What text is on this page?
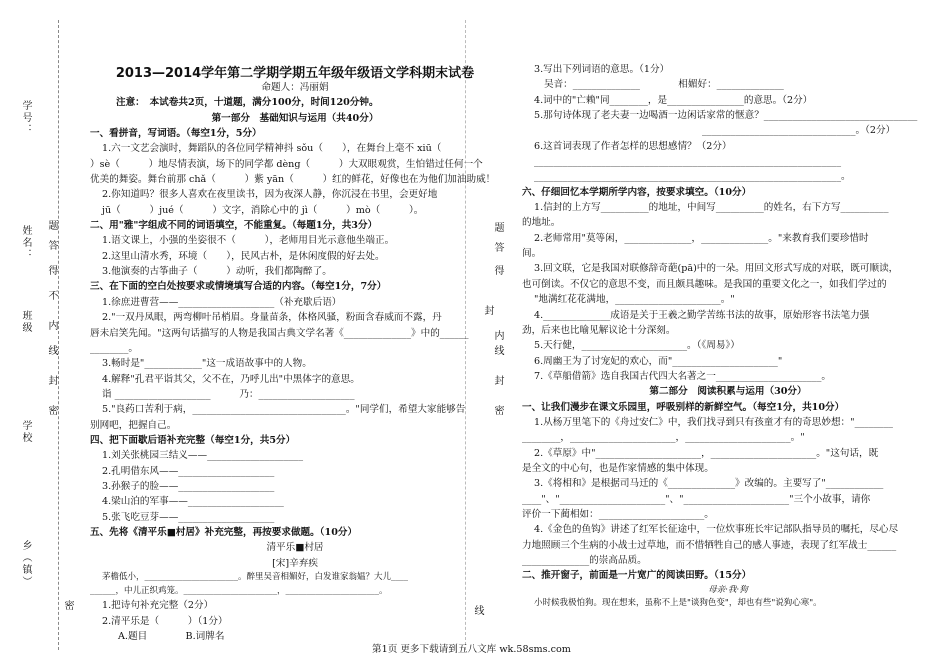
学号：
姓名：
班级
学校
乡（镇）
题
答
得
不
内
线
封
密
题
答
得
封
内
线
封
密
密	线
2013—2014学年第二学期学期五年级年级语文学科期末试卷
命题人：冯丽娟
注意：　本试卷共2页，十道题，满分100分，时间120分钟。
第一部分　基础知识与运用（共40分）
一、看拼音，写词语。（每空1分，5分）
1.六一文艺会演时，舞蹈队的各位同学精神抖 sǒu（　　），在舞台上毫不 xiū（
）sè（　　　）地尽情表演，场下的同学都 dèng（　　　）大双眼观赏，生怕错过任何一个
优美的舞姿。舞台前那 chǎ（　　　）紫 yān（　　　）红的鲜花，好像也在为他们加油助威！
2.你知道吗？很多人喜欢在夜里读书，因为夜深人静，你沉浸在书里，会更好地
jū（　　　）jué（　　　）文字，消除心中的 jì（　　　）mò（　　　）。
二、用"雅"字组成不同的词语填空，不能重复。（每题1分，共3分）
1.语文课上，小强的坐姿很不（　　　），老师用目光示意他坐端正。
2.这里山清水秀，环境（　　），民风古朴，是休闲度假的好去处。
3.他演奏的古筝曲子（　　　）动听，我们都陶醉了。
三、在下面的空白处按要求或情境填写合适的内容。（每空1分，7分）
1.徐庶进曹营——____________________（补充歇后语）
2."一双丹凤眼，两弯柳叶吊梢眉。身量苗条，体格风骚，粉面含春威而不露，丹
唇未启笑先闻。"这两句话描写的人物是我国古典文学名著《______________》中的______
________。
3.畅时是"____________"这一成语故事中的人物。
4.解释"孔君平诣其父，父不在，乃呼儿出"中黑体字的意思。
诣 ____________________　　　乃：____________________
5."良药口苦利于病，________________________________。"同学们，希望大家能够告
别网吧，把握自己。
四、把下面歇后语补充完整（每空1分，共5分）
1.刘关张桃园三结义——____________________
2.孔明借东风——____________________
3.孙猴子的脸——____________________
4.梁山泊的军事——____________________
5.张飞吃豆芽——____________________
五、先将《清平乐■村居》补充完整，再按要求做题。（10分）
清平乐■村居
[宋]辛弃疾
茅檐低小，______________________。醉里吴音相媚好，白发谁家翁媪？大儿____
______，中儿正织鸡笼。______________________，______________________。
1.把诗句补充完整（2分）
2.清平乐是（　　　）（1分）
A.题目　　　　B.词牌名
3.写出下列词语的意思。（1分）
吴音：______________　　　　相媚好：______________
4.词中的"亡赖"同________，是________________的意思。（2分）
5.那句诗体现了老夫妻一边喝酒一边闲话家常的惬意？________________________________
________________________________。（2分）
6.这首词表现了作者怎样的思想感情？（2分）
________________________________________________________________
________________________________________________________________。
六、仔细回忆本学期所学内容，按要求填空。（10分）
1.信封的上方写__________的地址，中间写__________的姓名，右下方写__________
的地址。
2.老师常用"莫等闲，______________，______________。"来教育我们要珍惜时
间。
3.回文联，它是我国对联修辞奇葩(pā)中的一朵。用回文形式写成的对联，既可顺读，
也可倒读。不仅它的意思不变，而且颇具趣味。是我国的重要文化之一，如我们学过的
"地满红花花满地，______________________。"
4.______________成语是关于王羲之勤学苦练书法的故事，原始形容书法笔力强
劲，后来也比喻见解议论十分深刻。
5.天行健，______________________。（《周易》）
6.周幽王为了讨宠妃的欢心，而"______________________"
7.《草船借箭》选自我国古代四大名著之一______________________。
第二部分　阅读积累与运用（30分）
一、让我们漫步在课文乐园里，呼吸别样的新鲜空气。（每空1分，共10分）
1.从杨万里笔下的《舟过安仁》中，我们找寻到只有孩童才有的奇思妙想："________
________，______________________，______________________。"
2.《草原》中"______________________，______________________。"这句话，既
是全文的中心句，也是作家情感的集中体现。
3.《将相和》是根据司马迁的《______________》改编的。主要写了"____________
____"、"______________________"、"______________________"三个小故事，请你
评价一下蔺相如：______________________。
4.《金色的鱼钩》讲述了红军长征途中，一位炊事班长牢记部队指导员的嘱托，尽心尽
力地照顾三个生病的小战士过草地，而不惜牺牲自己的感人事迹，表现了红军战士______
______________的崇高品质。
二、推开窗子，前面是一片宽广的阅读田野。（15分）
母亲·我·狗
小时候我极怕狗。现在想来，虽称不上是"谈狗色变"，却也有些"说狗心寒"。
第1页 更多下载请到五八文库 wk.58sms.com
